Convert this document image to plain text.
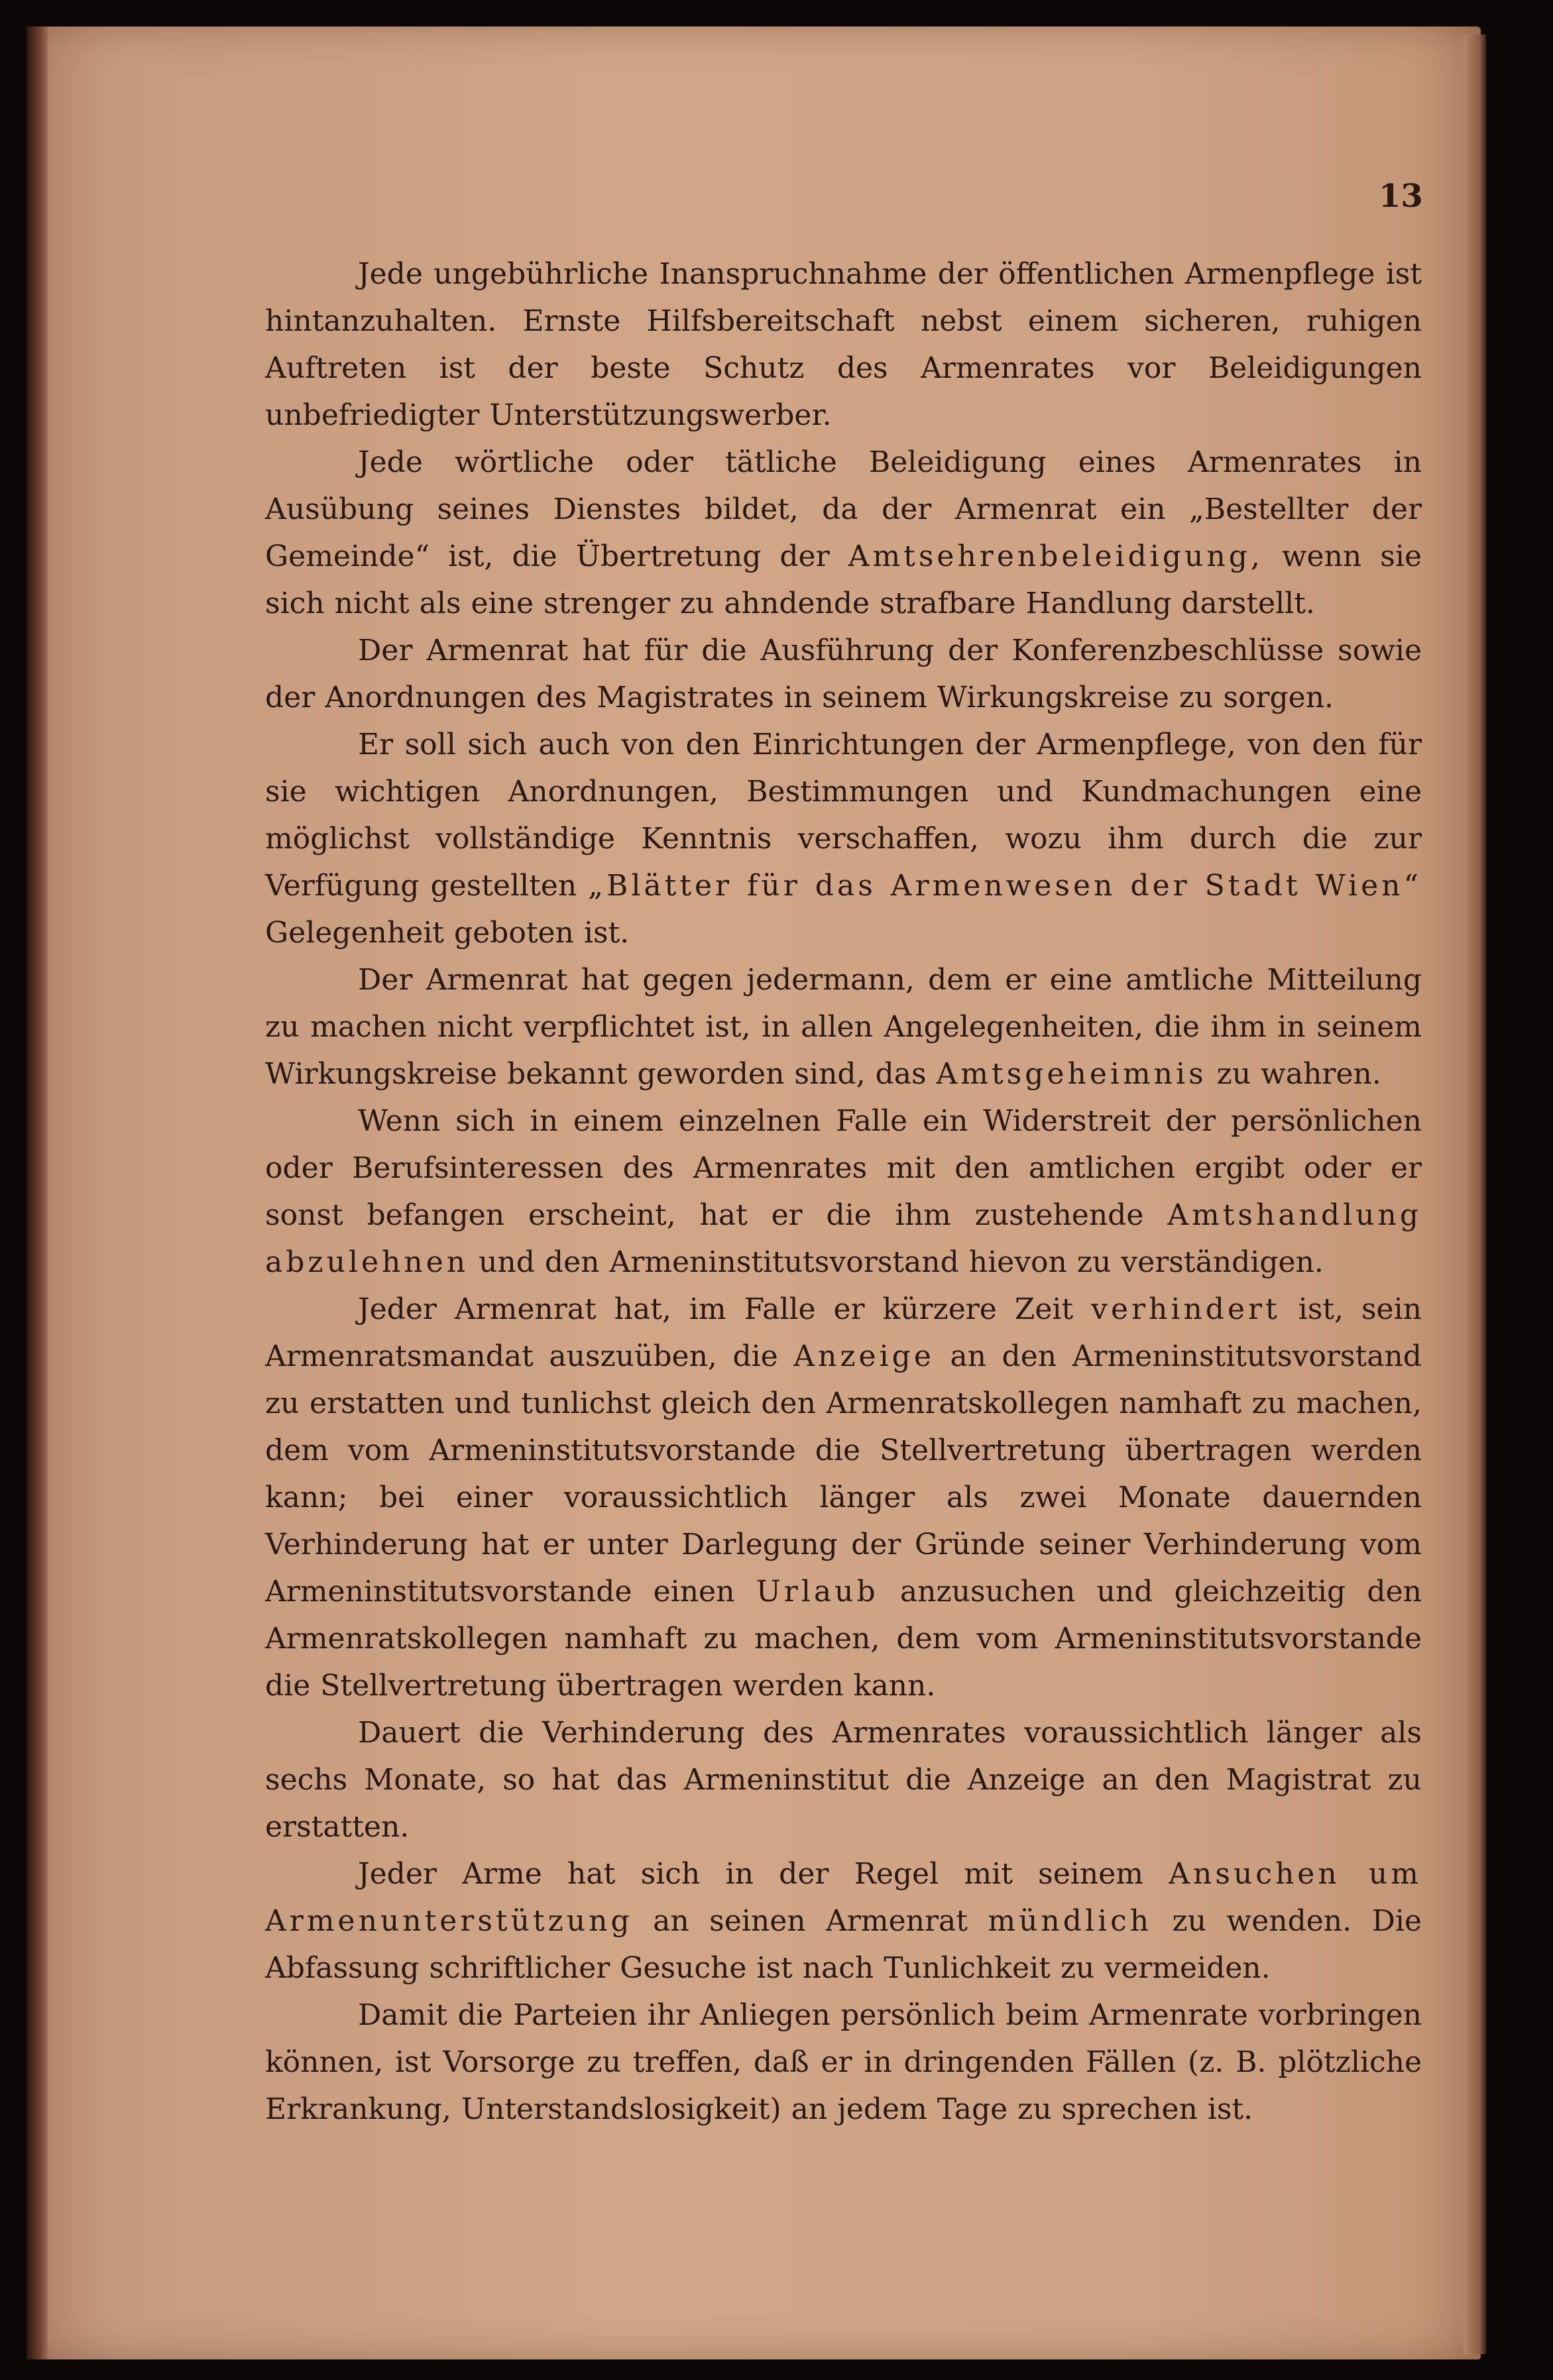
13

Jede ungebührliche Inanspruchnahme der öffentlichen Armenpflege ist hintanzuhalten. Ernste Hilfsbereitschaft nebst einem sicheren, ruhigen Auftreten ist der beste Schutz des Armenrates vor Beleidigungen unbefriedigter Unterstützungswerber.

Jede wörtliche oder tätliche Beleidigung eines Armenrates in Ausübung seines Dienstes bildet, da der Armenrat ein „Bestellter der Gemeinde“ ist, die Übertretung der Amtsehrenbeleidigung, wenn sie sich nicht als eine strenger zu ahndende strafbare Handlung darstellt.

Der Armenrat hat für die Ausführung der Konferenzbeschlüsse sowie der Anordnungen des Magistrates in seinem Wirkungskreise zu sorgen.

Er soll sich auch von den Einrichtungen der Armenpflege, von den für sie wichtigen Anordnungen, Bestimmungen und Kundmachungen eine möglichst vollständige Kenntnis verschaffen, wozu ihm durch die zur Verfügung gestellten „Blätter für das Armenwesen der Stadt Wien“ Gelegenheit geboten ist.

Der Armenrat hat gegen jedermann, dem er eine amtliche Mitteilung zu machen nicht verpflichtet ist, in allen Angelegenheiten, die ihm in seinem Wirkungskreise bekannt geworden sind, das Amtsgeheimnis zu wahren.

Wenn sich in einem einzelnen Falle ein Widerstreit der persönlichen oder Berufsinteressen des Armenrates mit den amtlichen ergibt oder er sonst befangen erscheint, hat er die ihm zustehende Amtshandlung abzulehnen und den Armeninstitutsvorstand hievon zu verständigen.

Jeder Armenrat hat, im Falle er kürzere Zeit verhindert ist, sein Armenratsmandat auszuüben, die Anzeige an den Armeninstitutsvorstand zu erstatten und tunlichst gleich den Armenratskollegen namhaft zu machen, dem vom Armeninstitutsvorstande die Stellvertretung übertragen werden kann; bei einer voraussichtlich länger als zwei Monate dauernden Verhinderung hat er unter Darlegung der Gründe seiner Verhinderung vom Armeninstitutsvorstande einen Urlaub anzusuchen und gleichzeitig den Armenratskollegen namhaft zu machen, dem vom Armeninstitutsvorstande die Stellvertretung übertragen werden kann.

Dauert die Verhinderung des Armenrates voraussichtlich länger als sechs Monate, so hat das Armeninstitut die Anzeige an den Magistrat zu erstatten.

Jeder Arme hat sich in der Regel mit seinem Ansuchen um Armenunterstützung an seinen Armenrat mündlich zu wenden. Die Abfassung schriftlicher Gesuche ist nach Tunlichkeit zu vermeiden.

Damit die Parteien ihr Anliegen persönlich beim Armenrate vorbringen können, ist Vorsorge zu treffen, daß er in dringenden Fällen (z. B. plötzliche Erkrankung, Unterstandslosigkeit) an jedem Tage zu sprechen ist.
